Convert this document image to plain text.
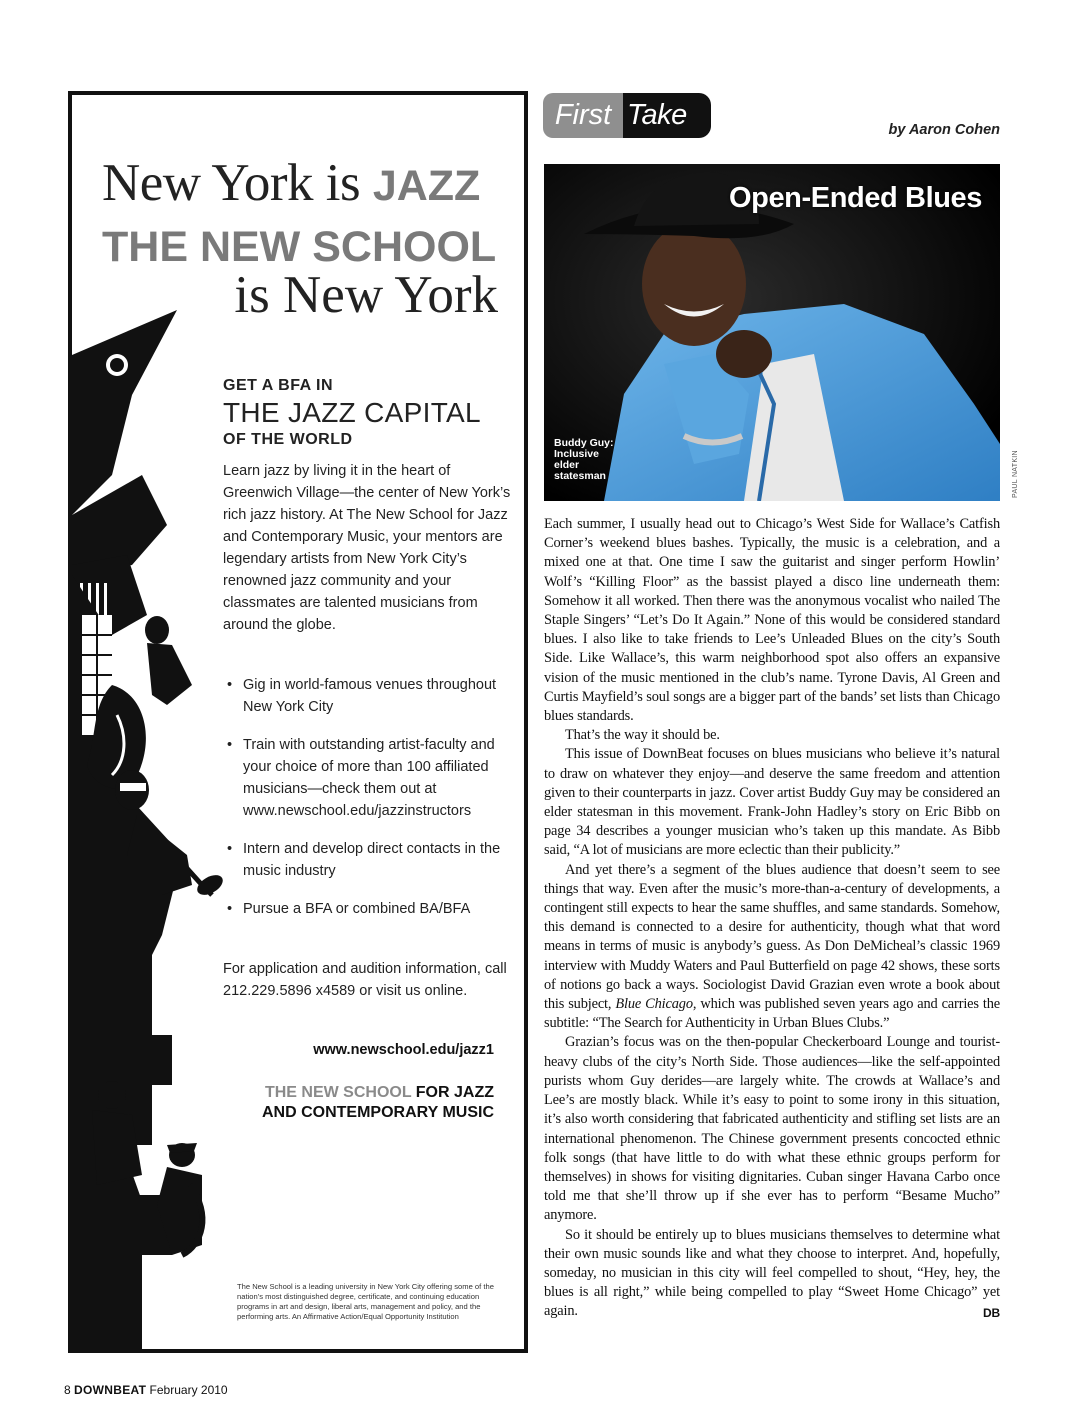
New York is JAZZ
THE NEW SCHOOL
is New York
GET A BFA IN
THE JAZZ CAPITAL
OF THE WORLD
Learn jazz by living it in the heart of Greenwich Village—the center of New York’s rich jazz history. At The New School for Jazz and Contemporary Music, your mentors are legendary artists from New York City’s renowned jazz community and your classmates are talented musicians from around the globe.
• Gig in world-famous venues throughout New York City
• Train with outstanding artist-faculty and your choice of more than 100 affiliated musicians—check them out at www.newschool.edu/jazzinstructors
• Intern and develop direct contacts in the music industry
• Pursue a BFA or combined BA/BFA
For application and audition information, call 212.229.5896 x4589 or visit us online.
www.newschool.edu/jazz1
THE NEW SCHOOL FOR JAZZ
AND CONTEMPORARY MUSIC
The New School is a leading university in New York City offering some of the nation’s most distinguished degree, certificate, and continuing education programs in art and design, liberal arts, management and policy, and the performing arts. An Affirmative Action/Equal Opportunity Institution
First Take	by Aaron Cohen
Open-Ended Blues
Buddy Guy: Inclusive elder statesman	PAUL NATKIN

Each summer, I usually head out to Chicago’s West Side for Wallace’s Catfish Corner’s weekend blues bashes. Typically, the music is a celebration, and a mixed one at that. One time I saw the guitarist and singer perform Howlin’ Wolf’s “Killing Floor” as the bassist played a disco line underneath them: Somehow it all worked. Then there was the anonymous vocalist who nailed The Staple Singers’ “Let’s Do It Again.” None of this would be considered standard blues. I also like to take friends to Lee’s Unleaded Blues on the city’s South Side. Like Wallace’s, this warm neighborhood spot also offers an expansive vision of the music mentioned in the club’s name. Tyrone Davis, Al Green and Curtis Mayfield’s soul songs are a bigger part of the bands’ set lists than Chicago blues standards.

That’s the way it should be.

This issue of DownBeat focuses on blues musicians who believe it’s natural to draw on whatever they enjoy—and deserve the same freedom and attention given to their counterparts in jazz. Cover artist Buddy Guy may be considered an elder statesman in this movement. Frank-John Hadley’s story on Eric Bibb on page 34 describes a younger musician who’s taken up this mandate. As Bibb said, “A lot of musicians are more eclectic than their publicity.”

And yet there’s a segment of the blues audience that doesn’t seem to see things that way. Even after the music’s more-than-a-century of developments, a contingent still expects to hear the same shuffles, and same standards. Somehow, this demand is connected to a desire for authenticity, though what that word means in terms of music is anybody’s guess. As Don DeMicheal’s classic 1969 interview with Muddy Waters and Paul Butterfield on page 42 shows, these sorts of notions go back a ways. Sociologist David Grazian even wrote a book about this subject, Blue Chicago, which was published seven years ago and carries the subtitle: “The Search for Authenticity in Urban Blues Clubs.”

Grazian’s focus was on the then-popular Checkerboard Lounge and tourist-heavy clubs of the city’s North Side. Those audiences—like the self-appointed purists whom Guy derides—are largely white. The crowds at Wallace’s and Lee’s are mostly black. While it’s easy to point to some irony in this situation, it’s also worth considering that fabricated authenticity and stifling set lists are an international phenomenon. The Chinese government presents concocted ethnic folk songs (that have little to do with what these ethnic groups perform for themselves) in shows for visiting dignitaries. Cuban singer Havana Carbo once told me that she’ll throw up if she ever has to perform “Besame Mucho” anymore.

So it should be entirely up to blues musicians themselves to determine what their own music sounds like and what they choose to interpret. And, hopefully, someday, no musician in this city will feel compelled to shout, “Hey, hey, the blues is all right,” while being compelled to play “Sweet Home Chicago” yet again.	DB

8 DOWNBEAT February 2010
